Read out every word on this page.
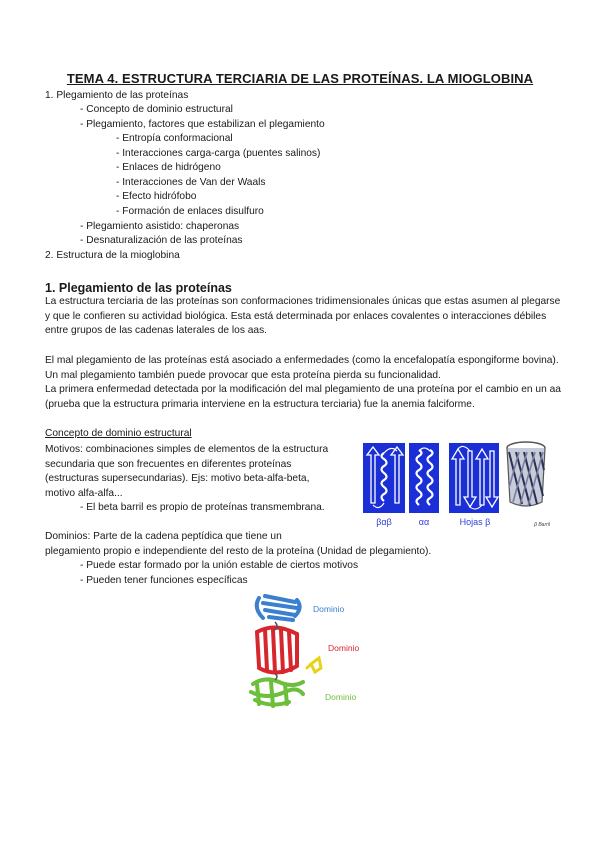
TEMA 4. ESTRUCTURA TERCIARIA DE LAS PROTEÍNAS. LA MIOGLOBINA
1. Plegamiento de las proteínas
- Concepto de dominio estructural
- Plegamiento, factores que estabilizan el plegamiento
- Entropía conformacional
- Interacciones carga-carga (puentes salinos)
- Enlaces de hidrógeno
- Interacciones de Van der Waals
- Efecto hidrófobo
- Formación de enlaces disulfuro
- Plegamiento asistido: chaperonas
- Desnaturalización de las proteínas
2. Estructura de la mioglobina
1. Plegamiento de las proteínas

La estructura terciaria de las proteínas son conformaciones tridimensionales únicas que estas asumen al plegarse y que le confieren su actividad biológica. Esta está determinada por enlaces covalentes o interacciones débiles entre grupos de las cadenas laterales de los aas.

El mal plegamiento de las proteínas está asociado a enfermedades (como la encefalopatía espongiforme bovina). Un mal plegamiento también puede provocar que esta proteína pierda su funcionalidad.

La primera enfermedad detectada por la modificación del mal plegamiento de una proteína por el cambio en un aa (prueba que la estructura primaria interviene en la estructura terciaria) fue la anemia falciforme.

Concepto de dominio estructural
Motivos: combinaciones simples de elementos de la estructura
secundaria que son frecuentes en diferentes proteínas
(estructuras supersecundarias). Ejs: motivo beta-alfa-beta,
motivo alfa-alfa...
- El beta barril es propio de proteínas transmembrana.
βαβ	αα	Hojas β	β Barril
Dominios: Parte de la cadena peptídica que tiene un
plegamiento propio e independiente del resto de la proteína (Unidad de plegamiento).
- Puede estar formado por la unión estable de ciertos motivos
- Pueden tener funciones específicas
Dominio
Dominio
Dominio
